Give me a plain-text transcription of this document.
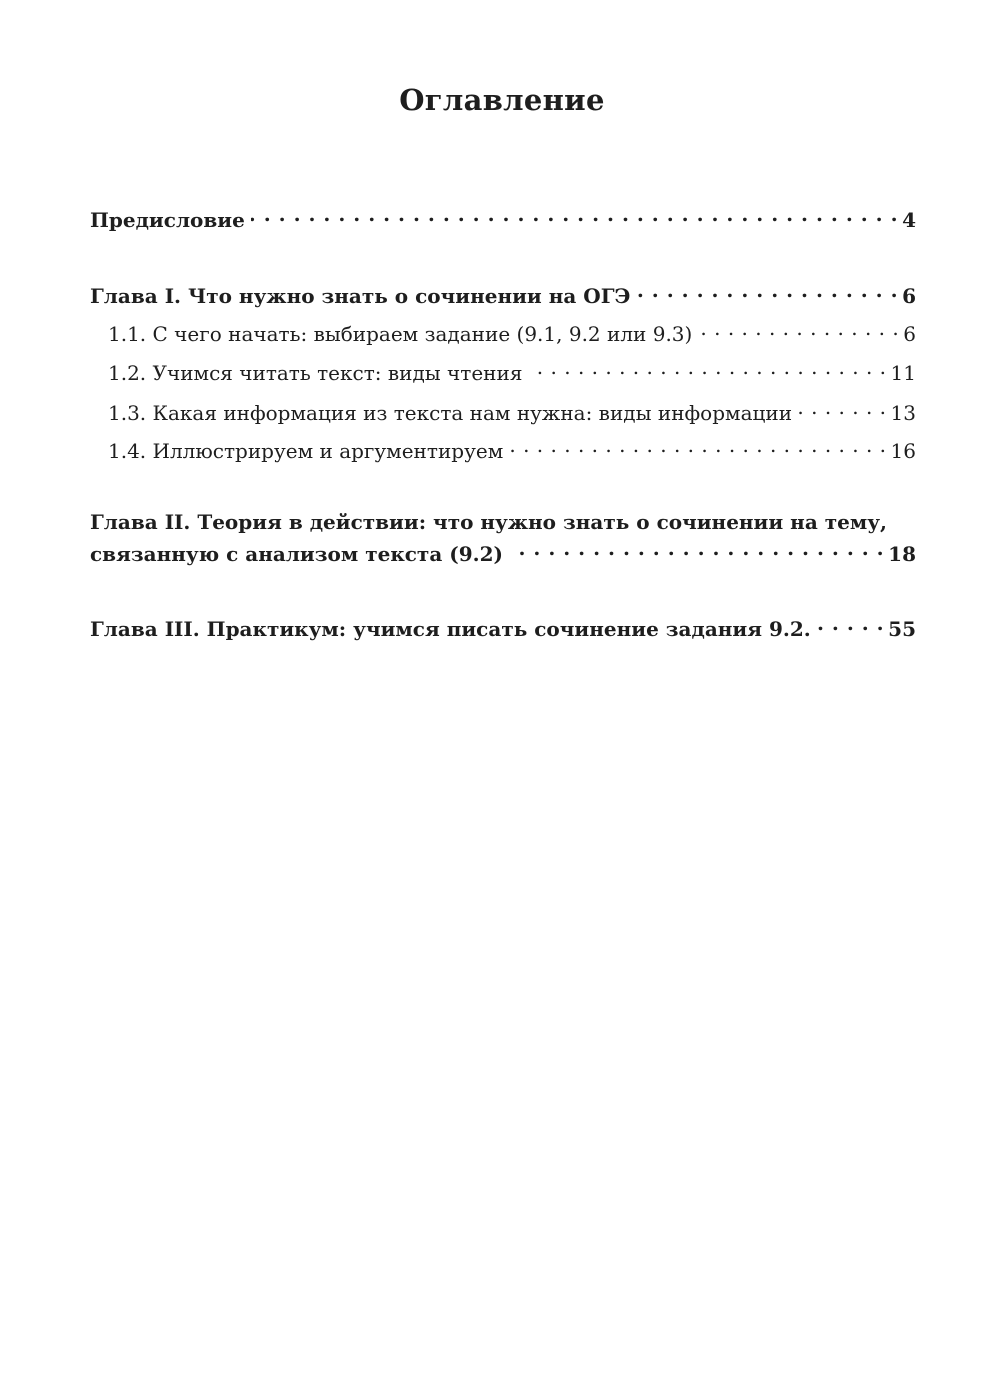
Оглавление
Предисловие . . .	4
Глава I. Что нужно знать о сочинении на ОГЭ . . .	6
1.1. С чего начать: выбираем задание (9.1, 9.2 или 9.3) . . .	6
1.2. Учимся читать текст: виды чтения . . .	11
1.3. Какая информация из текста нам нужна: виды информации . . .	13
1.4. Иллюстрируем и аргументируем . . .	16
Глава II. Теория в действии: что нужно знать о сочинении на тему,
связанную с анализом текста (9.2) . . .	18
Глава III. Практикум: учимся писать сочинение задания 9.2. . . .	55
